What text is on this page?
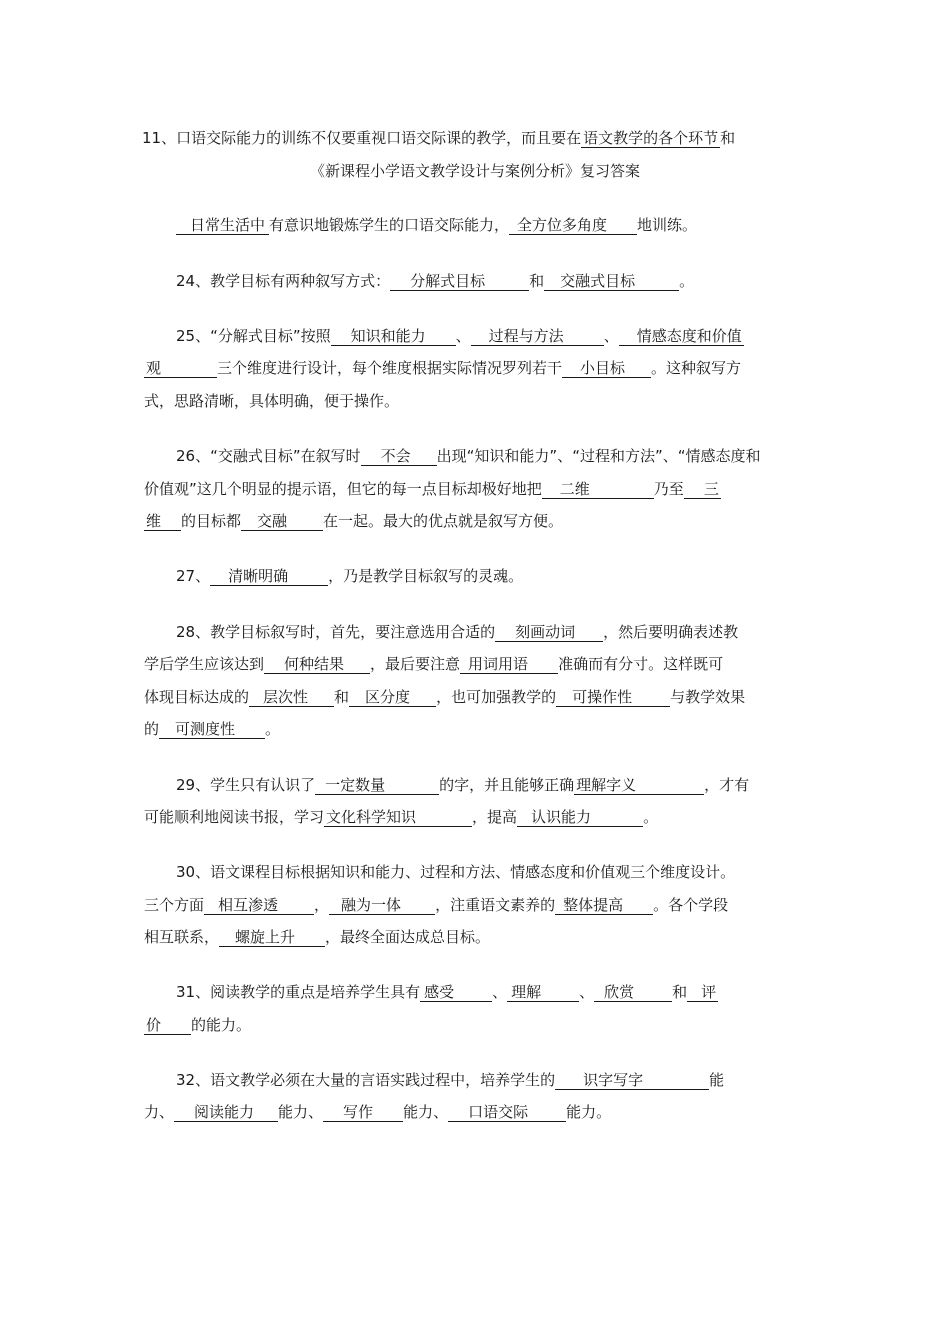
11、口语交际能力的训练不仅要重视口语交际课的教学，而且要在 语文教学的各个环节 和
《新课程小学语文教学设计与案例分析》复习答案
日常生活中 有意识地锻炼学生的口语交际能力， 全方位多角度 地训练。
24、教学目标有两种叙写方式： 分解式目标	和 交融式目标	。
25、“分解式目标”按照 知识和能力 、 过程与方法	、 情感态度和价值
观	三个维度进行设计，每个维度根据实际情况罗列若干 小目标 。这种叙写方
式，思路清晰，具体明确，便于操作。
26、“交融式目标”在叙写时 不会 出现“知识和能力”、“过程和方法”、“情感态度和
价值观”这几个明显的提示语，但它的每一点目标却极好地把 二维	乃至 三
维 的目标都 交融 在一起。最大的优点就是叙写方便。
27、 清晰明确	，乃是教学目标叙写的灵魂。
28、教学目标叙写时，首先，要注意选用合适的 刻画动词 ，然后要明确表述教
学后学生应该达到 何种结果 ，最后要注意 用词用语 准确而有分寸。这样既可
体现目标达成的 层次性 和 区分度 ，也可加强教学的 可操作性	与教学效果
的 可测度性 。
29、学生只有认识了 一定数量	的字，并且能够正确 理解字义	，才有
可能顺利地阅读书报，学习 文化科学知识	，提高 认识能力	。
30、语文课程目标根据知识和能力、过程和方法、情感态度和价值观三个维度设计。
三个方面 相互渗透 ， 融为一体 ，注重语文素养的 整体提高 。各个学段
相互联系， 螺旋上升 ，最终全面达成总目标。
31、阅读教学的重点是培养学生具有 感受	、 理解	、 欣赏	和 评
价 的能力。
32、语文教学必须在大量的言语实践过程中，培养学生的 识字写字	能
力、 阅读能力 能力、 写作 能力、 口语交际	能力。
